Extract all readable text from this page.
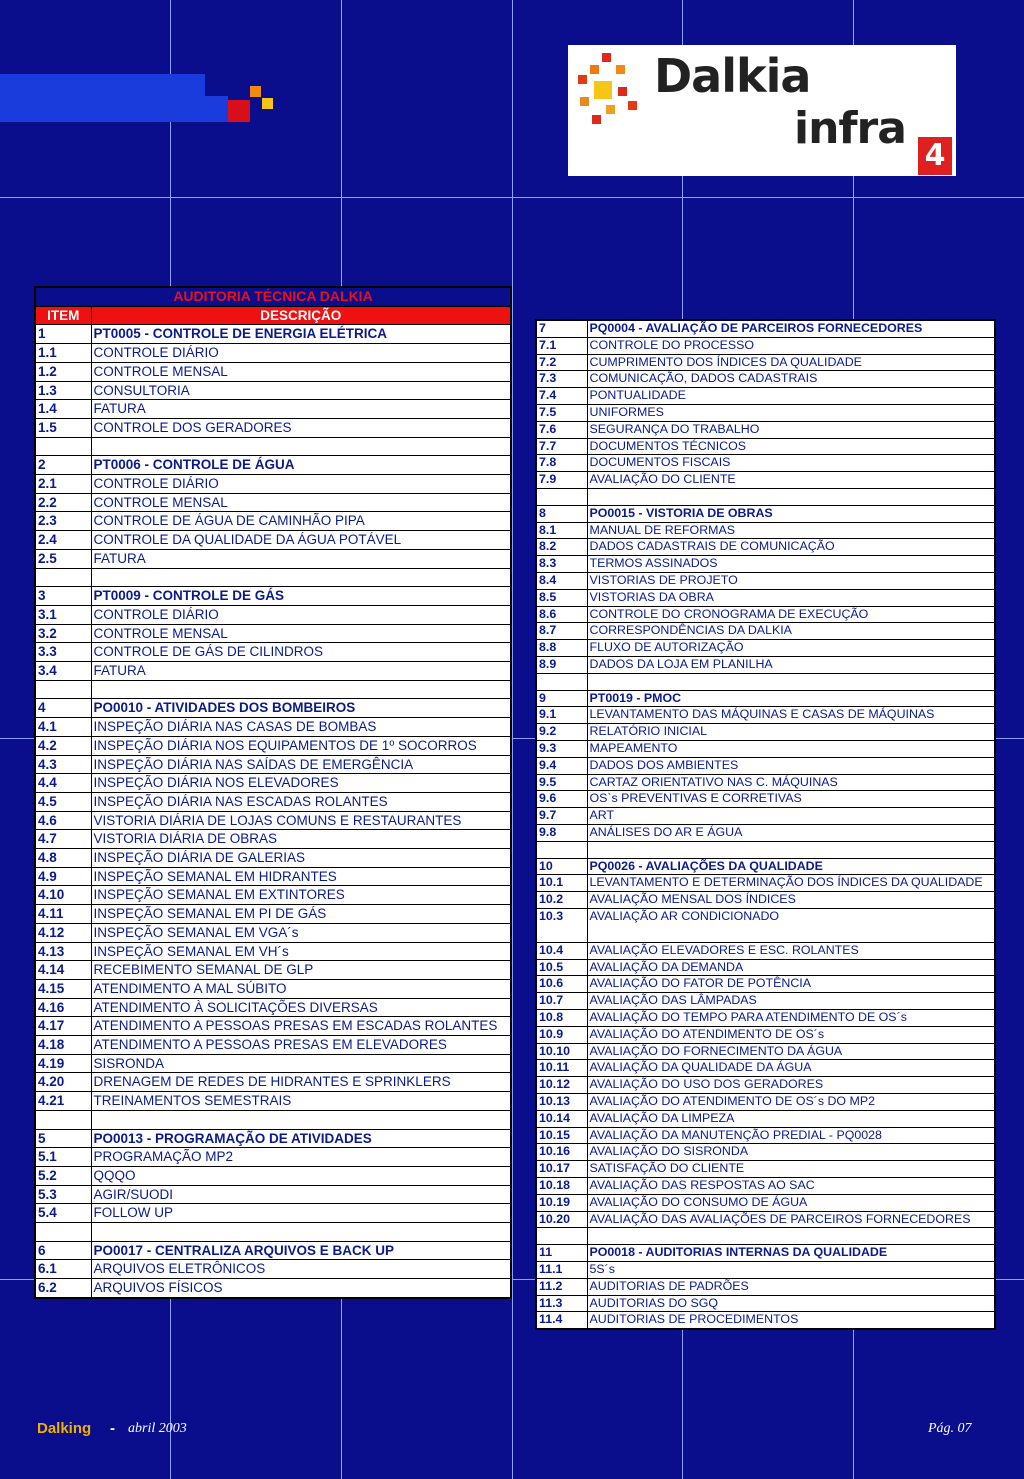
Dalkia
infra
4
AUDITORIA TÉCNICA DALKIA	
ITEM	DESCRIÇÃO
1	PT0005 - CONTROLE DE ENERGIA ELÉTRICA
1.1	CONTROLE DIÁRIO
1.2	CONTROLE MENSAL
1.3	CONSULTORIA
1.4	FATURA
1.5	CONTROLE DOS GERADORES

2	PT0006 - CONTROLE DE ÁGUA
2.1	CONTROLE DIÁRIO
2.2	CONTROLE MENSAL
2.3	CONTROLE DE ÁGUA DE CAMINHÃO PIPA
2.4	CONTROLE DA QUALIDADE DA ÁGUA POTÁVEL
2.5	FATURA

3	PT0009 - CONTROLE DE GÁS
3.1	CONTROLE DIÁRIO
3.2	CONTROLE MENSAL
3.3	CONTROLE DE GÁS DE CILINDROS
3.4	FATURA

4	PO0010 - ATIVIDADES DOS BOMBEIROS
4.1	INSPEÇÃO DIÁRIA NAS CASAS DE BOMBAS
4.2	INSPEÇÃO DIÁRIA NOS EQUIPAMENTOS DE 1º SOCORROS
4.3	INSPEÇÃO DIÁRIA NAS SAÍDAS DE EMERGÊNCIA
4.4	INSPEÇÃO DIÁRIA NOS ELEVADORES
4.5	INSPEÇÃO DIÁRIA NAS ESCADAS ROLANTES
4.6	VISTORIA DIÁRIA DE LOJAS COMUNS E RESTAURANTES
4.7	VISTORIA DIÁRIA DE OBRAS
4.8	INSPEÇÃO DIÁRIA DE GALERIAS
4.9	INSPEÇÃO SEMANAL EM HIDRANTES
4.10	INSPEÇÃO SEMANAL EM EXTINTORES
4.11	INSPEÇÃO SEMANAL EM PI DE GÁS
4.12	INSPEÇÃO SEMANAL EM VGA´s
4.13	INSPEÇÃO SEMANAL EM VH´s
4.14	RECEBIMENTO SEMANAL DE GLP
4.15	ATENDIMENTO A MAL SÚBITO
4.16	ATENDIMENTO À SOLICITAÇÕES DIVERSAS
4.17	ATENDIMENTO A PESSOAS PRESAS EM ESCADAS ROLANTES
4.18	ATENDIMENTO A PESSOAS PRESAS EM ELEVADORES
4.19	SISRONDA
4.20	DRENAGEM DE REDES DE HIDRANTES E SPRINKLERS
4.21	TREINAMENTOS SEMESTRAIS

5	PO0013 - PROGRAMAÇÃO DE ATIVIDADES
5.1	PROGRAMAÇÃO MP2
5.2	QQQO
5.3	AGIR/SUODI
5.4	FOLLOW UP

6	PO0017 - CENTRALIZA ARQUIVOS E BACK UP
6.1	ARQUIVOS ELETRÔNICOS
6.2	ARQUIVOS FÍSICOS
7	PQ0004 - AVALIAÇÃO DE PARCEIROS FORNECEDORES
7.1	CONTROLE DO PROCESSO
7.2	CUMPRIMENTO DOS ÍNDICES DA QUALIDADE
7.3	COMUNICAÇÃO, DADOS CADASTRAIS
7.4	PONTUALIDADE
7.5	UNIFORMES
7.6	SEGURANÇA DO TRABALHO
7.7	DOCUMENTOS TÉCNICOS
7.8	DOCUMENTOS FISCAIS
7.9	AVALIAÇÃO DO CLIENTE

8	PO0015 - VISTORIA DE OBRAS
8.1	MANUAL DE REFORMAS
8.2	DADOS CADASTRAIS DE COMUNICAÇÃO
8.3	TERMOS ASSINADOS
8.4	VISTORIAS DE PROJETO
8.5	VISTORIAS DA OBRA
8.6	CONTROLE DO CRONOGRAMA DE EXECUÇÃO
8.7	CORRESPONDÊNCIAS DA DALKIA
8.8	FLUXO DE AUTORIZAÇÃO
8.9	DADOS DA LOJA EM PLANILHA

9	PT0019 - PMOC
9.1	LEVANTAMENTO DAS MÁQUINAS E CASAS DE MÁQUINAS
9.2	RELATÓRIO INICIAL
9.3	MAPEAMENTO
9.4	DADOS DOS AMBIENTES
9.5	CARTAZ ORIENTATIVO NAS C. MÁQUINAS
9.6	OS`s PREVENTIVAS E CORRETIVAS
9.7	ART
9.8	ANÁLISES DO AR E ÁGUA

10	PQ0026 - AVALIAÇÕES DA QUALIDADE
10.1	LEVANTAMENTO E DETERMINAÇÃO DOS ÍNDICES DA QUALIDADE
10.2	AVALIAÇÃO MENSAL DOS ÍNDICES
10.3	AVALIAÇÃO AR CONDICIONADO
10.4	AVALIAÇÃO ELEVADORES E ESC. ROLANTES
10.5	AVALIAÇÃO DA DEMANDA
10.6	AVALIAÇÃO DO FATOR DE POTÊNCIA
10.7	AVALIAÇÃO DAS LÂMPADAS
10.8	AVALIAÇÃO DO TEMPO PARA ATENDIMENTO DE OS´s
10.9	AVALIAÇÃO DO ATENDIMENTO DE OS´s
10.10	AVALIAÇÃO DO FORNECIMENTO DA ÁGUA
10.11	AVALIAÇÃO DA QUALIDADE DA ÁGUA
10.12	AVALIAÇÃO DO USO DOS GERADORES
10.13	AVALIAÇÃO DO ATENDIMENTO DE OS´s DO MP2
10.14	AVALIAÇÃO DA LIMPEZA
10.15	AVALIAÇÃO DA MANUTENÇÃO PREDIAL - PQ0028
10.16	AVALIAÇÃO DO SISRONDA
10.17	SATISFAÇÃO DO CLIENTE
10.18	AVALIAÇÃO DAS RESPOSTAS AO SAC
10.19	AVALIAÇÃO DO CONSUMO DE ÁGUA
10.20	AVALIAÇÃO DAS AVALIAÇÕES DE PARCEIROS FORNECEDORES

11	PO0018 - AUDITORIAS INTERNAS DA QUALIDADE
11.1	5S´s
11.2	AUDITORIAS DE PADRÕES
11.3	AUDITORIAS DO SGQ
11.4	AUDITORIAS DE PROCEDIMENTOS
Dalking - abril 2003	Pág. 07
